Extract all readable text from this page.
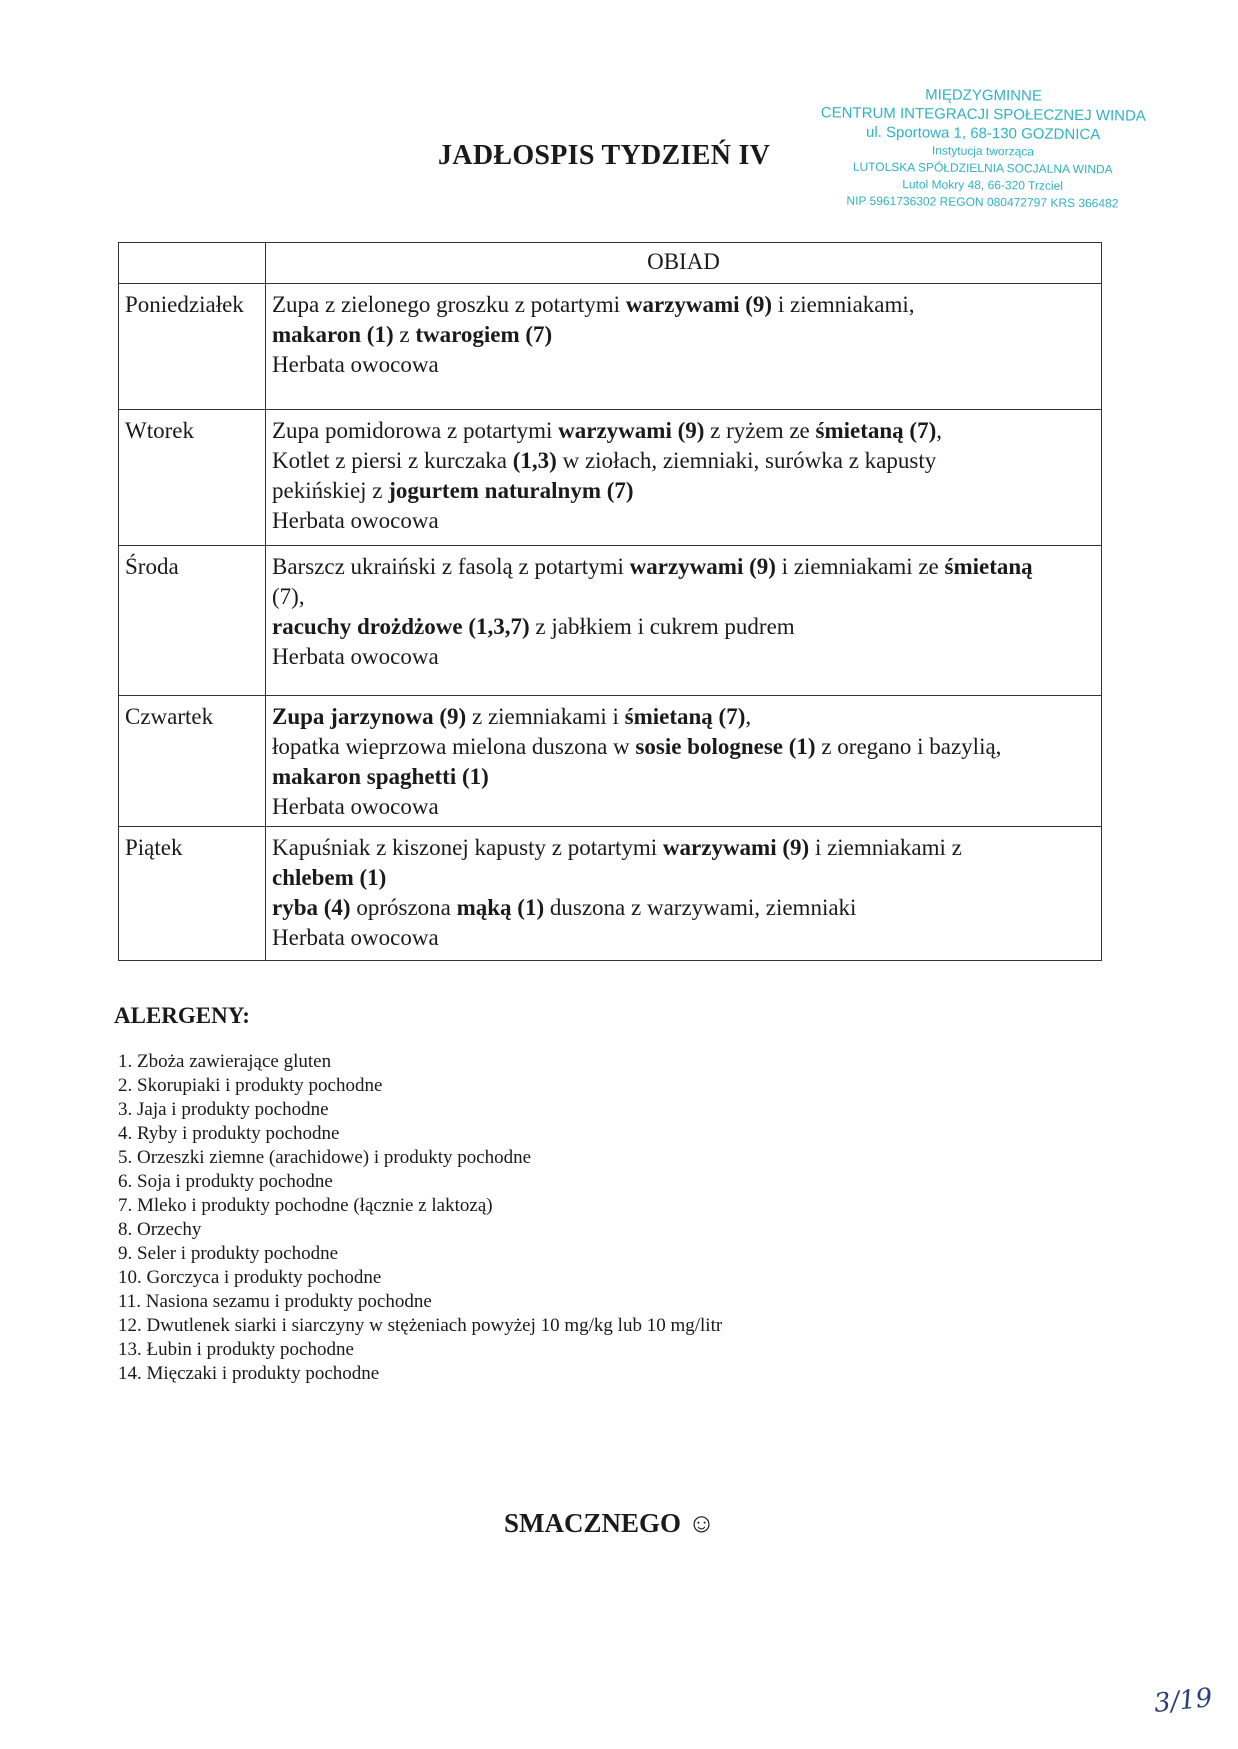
JADŁOSPIS TYDZIEŃ IV
MIĘDZYGMINNE
CENTRUM INTEGRACJI SPOŁECZNEJ WINDA
ul. Sportowa 1, 68-130 GOZDNICA
Instytucja tworząca
LUTOLSKA SPÓŁDZIELNIA SOCJALNA WINDA
Lutol Mokry 48, 66-320 Trzciel
NIP 5961736302 REGON 080472797 KRS 366482
	OBIAD
Poniedziałek	Zupa z zielonego groszku z potartymi warzywami (9) i ziemniakami,
makaron (1) z twarogiem (7)
Herbata owocowa

Wtorek	Zupa pomidorowa z potartymi warzywami (9) z ryżem ze śmietaną (7),
Kotlet z piersi z kurczaka (1,3) w ziołach, ziemniaki, surówka z kapusty
pekińskiej z jogurtem naturalnym (7)
Herbata owocowa

Środa	Barszcz ukraiński z fasolą z potartymi warzywami (9) i ziemniakami ze śmietaną
(7),
racuchy drożdżowe (1,3,7) z jabłkiem i cukrem pudrem
Herbata owocowa

Czwartek	Zupa jarzynowa (9) z ziemniakami i śmietaną (7),
łopatka wieprzowa mielona duszona w sosie bolognese (1) z oregano i bazylią,
makaron spaghetti (1)
Herbata owocowa

Piątek	Kapuśniak z kiszonej kapusty z potartymi warzywami (9) i ziemniakami z
chlebem (1)
ryba (4) oprószona mąką (1) duszona z warzywami, ziemniaki
Herbata owocowa
ALERGENY:
1. Zboża zawierające gluten
2. Skorupiaki i produkty pochodne
3. Jaja i produkty pochodne
4. Ryby i produkty pochodne
5. Orzeszki ziemne (arachidowe) i produkty pochodne
6. Soja i produkty pochodne
7. Mleko i produkty pochodne (łącznie z laktozą)
8. Orzechy
9. Seler i produkty pochodne
10. Gorczyca i produkty pochodne
11. Nasiona sezamu i produkty pochodne
12. Dwutlenek siarki i siarczyny w stężeniach powyżej 10 mg/kg lub 10 mg/litr
13. Łubin i produkty pochodne
14. Mięczaki i produkty pochodne
SMACZNEGO ☺
3/19
